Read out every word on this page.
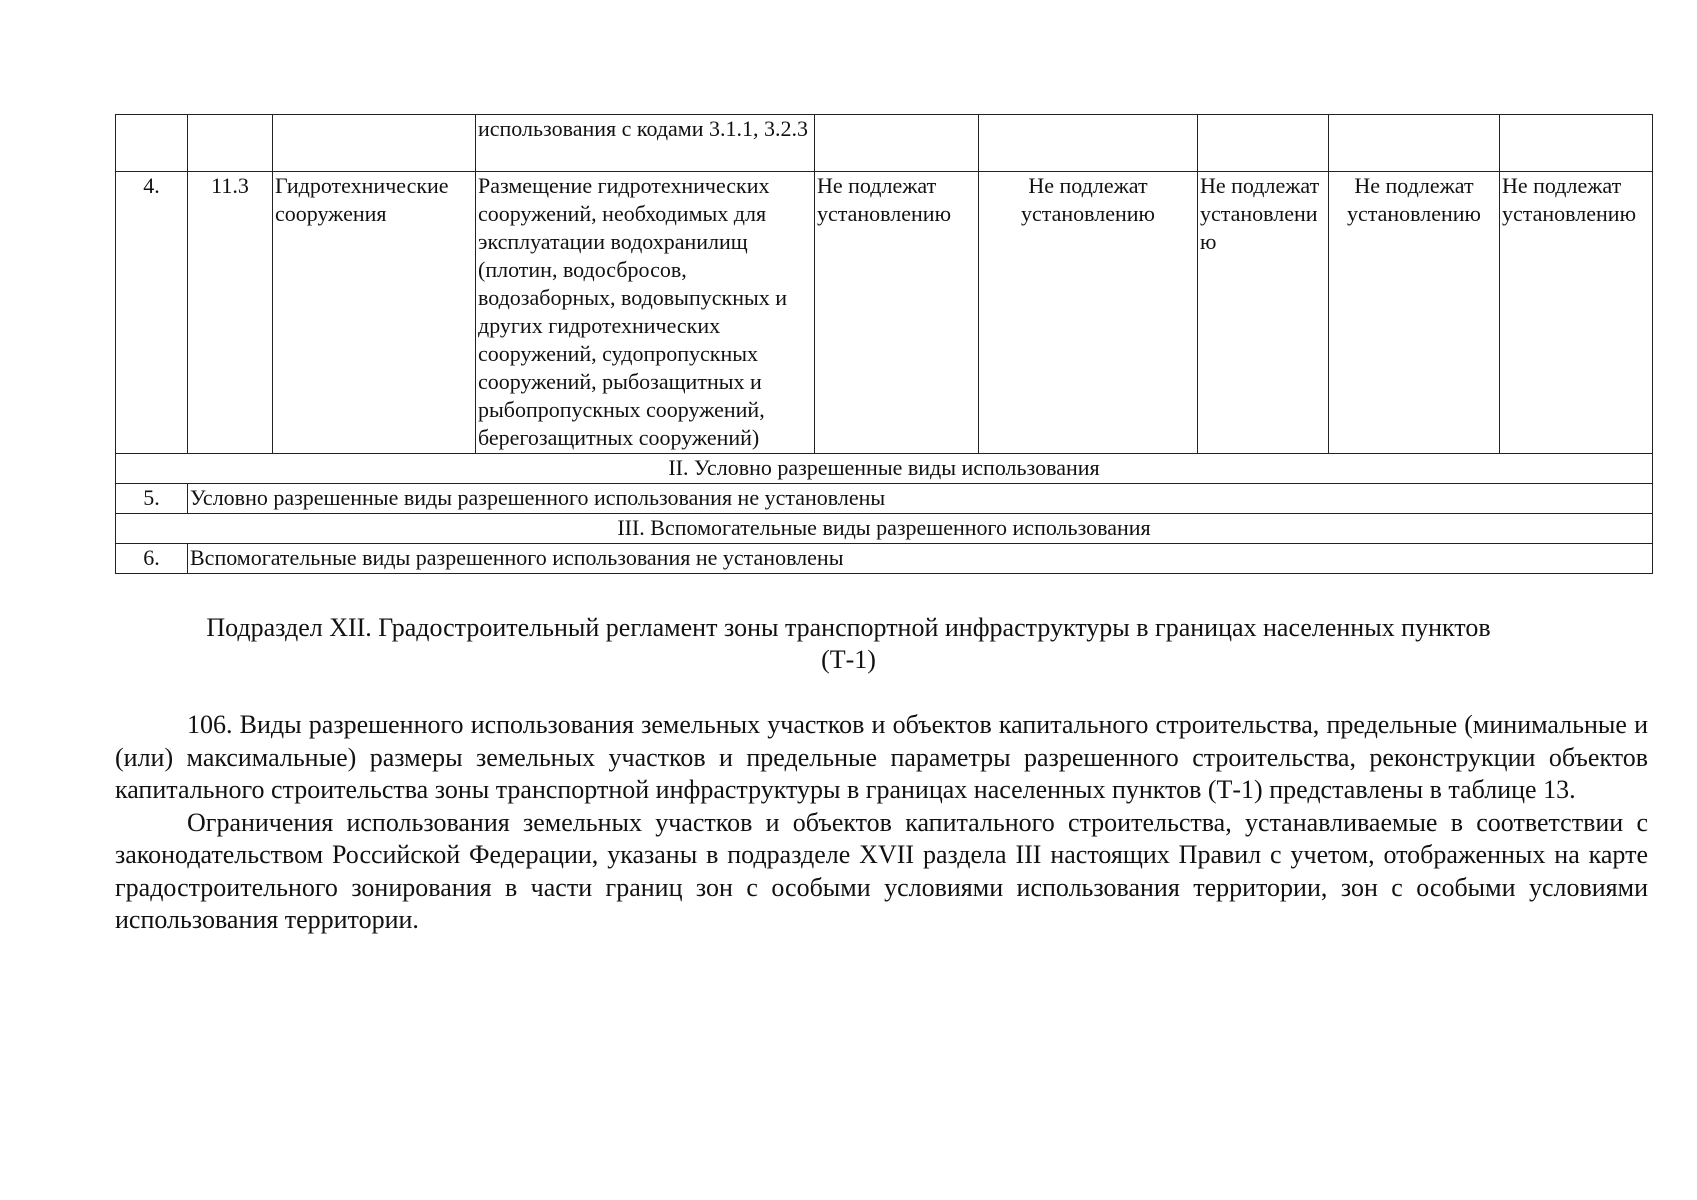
			использования с кодами 3.1.1, 3.2.3					
4.	11.3	Гидротехнические сооружения	Размещение гидротехнических сооружений, необходимых для эксплуатации водохранилищ (плотин, водосбросов, водозаборных, водовыпускных и других гидротехнических сооружений, судопропускных сооружений, рыбозащитных и рыбопропускных сооружений, берегозащитных сооружений)	Не подлежат установлению	Не подлежат установлению	Не подлежат установлению	Не подлежат установлению	Не подлежат установлению
II. Условно разрешенные виды использования								
5.	Условно разрешенные виды разрешенного использования не установлены							
III. Вспомогательные виды разрешенного использования								
6.	Вспомогательные виды разрешенного использования не установлены							
Подраздел XII. Градостроительный регламент зоны транспортной инфраструктуры в границах населенных пунктов (Т-1)

106. Виды разрешенного использования земельных участков и объектов капитального строительства, предельные (минимальные и (или) максимальные) размеры земельных участков и предельные параметры разрешенного строительства, реконструкции объектов капитального строительства зоны транспортной инфраструктуры в границах населенных пунктов (Т-1) представлены в таблице 13.

Ограничения использования земельных участков и объектов капитального строительства, устанавливаемые в соответствии с законодательством Российской Федерации, указаны в подразделе XVII раздела III настоящих Правил с учетом, отображенных на карте градостроительного зонирования в части границ зон с особыми условиями использования территории, зон с особыми условиями использования территории.
